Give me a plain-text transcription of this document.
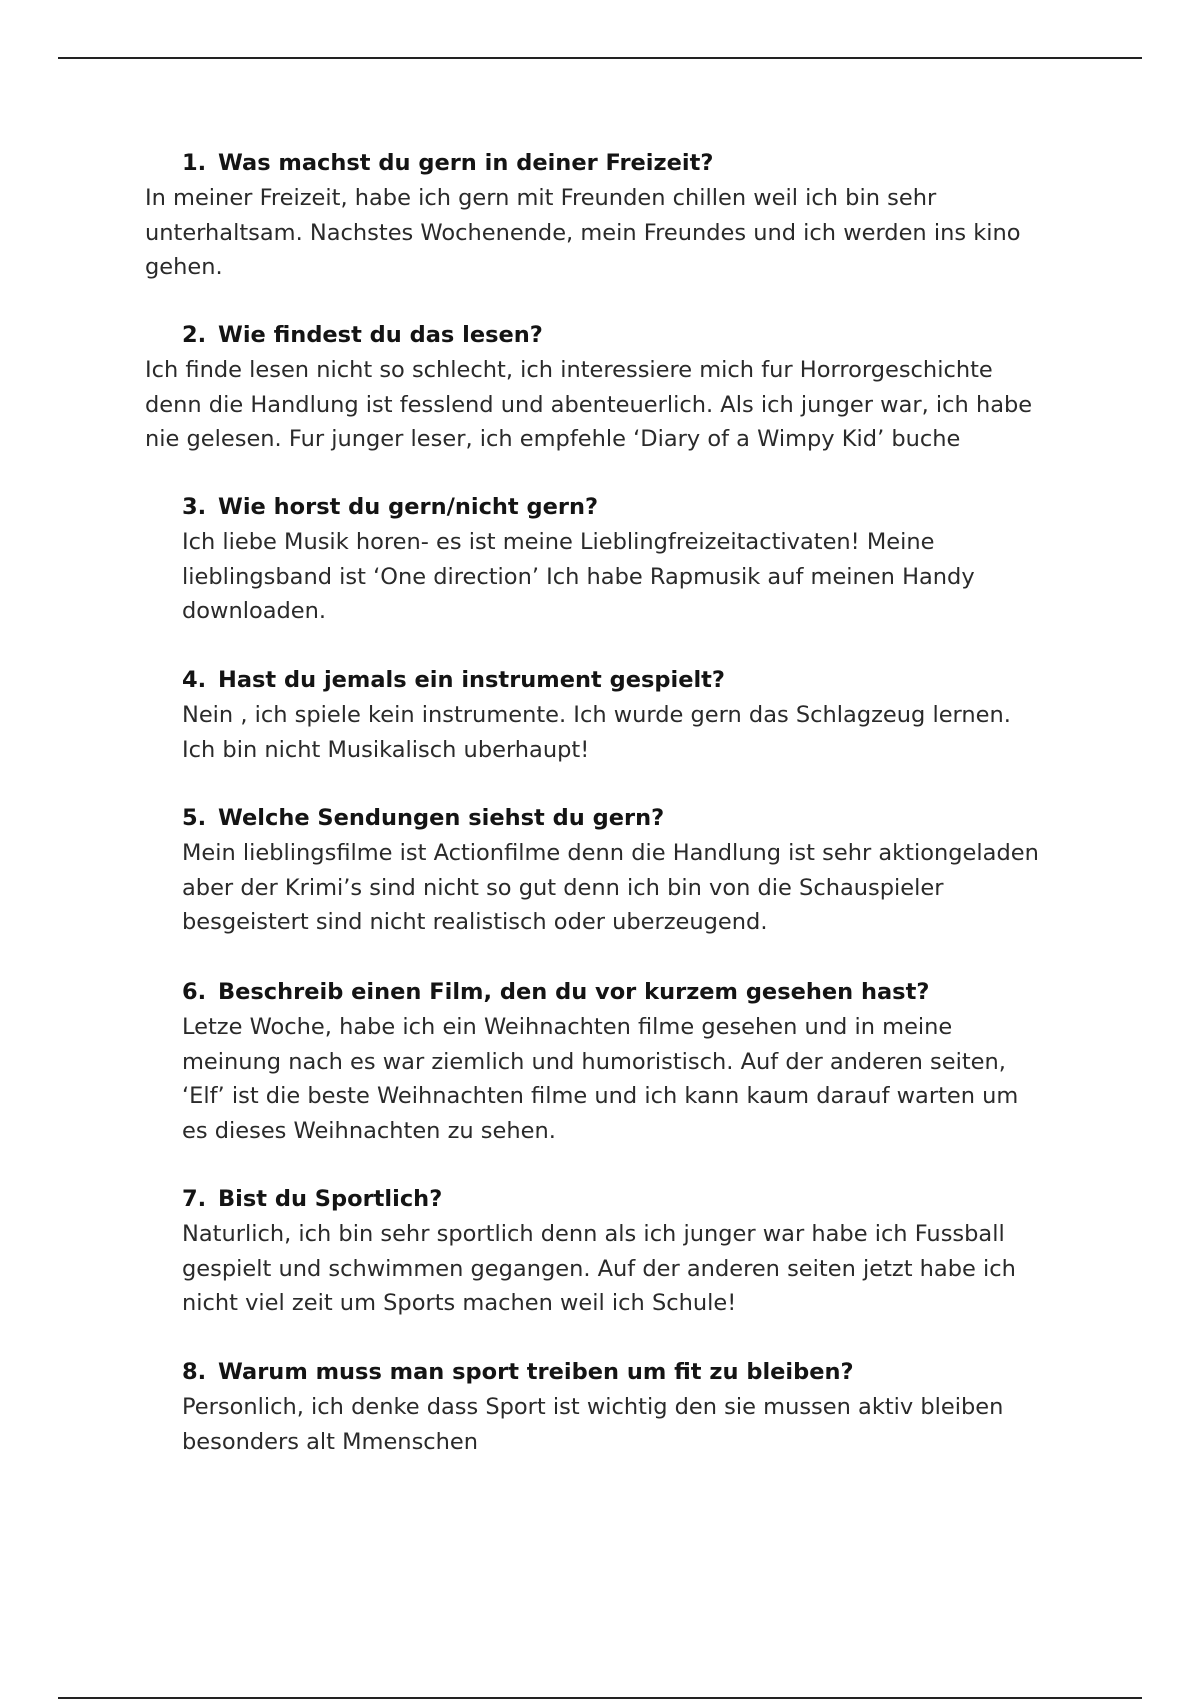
1. Was machst du gern in deiner Freizeit?
In meiner Freizeit, habe ich gern mit Freunden chillen weil ich bin sehr
unterhaltsam. Nachstes Wochenende, mein Freundes und ich werden ins kino
gehen.
2. Wie findest du das lesen?
Ich finde lesen nicht so schlecht, ich interessiere mich fur Horrorgeschichte
denn die Handlung ist fesslend und abenteuerlich. Als ich junger war, ich habe
nie gelesen. Fur junger leser, ich empfehle ‘Diary of a Wimpy Kid’ buche
3. Wie horst du gern/nicht gern?
Ich liebe Musik horen- es ist meine Lieblingfreizeitactivaten! Meine
lieblingsband ist ‘One direction’ Ich habe Rapmusik auf meinen Handy
downloaden.
4. Hast du jemals ein instrument gespielt?
Nein , ich spiele kein instrumente. Ich wurde gern das Schlagzeug lernen.
Ich bin nicht Musikalisch uberhaupt!
5. Welche Sendungen siehst du gern?
Mein lieblingsfilme ist Actionfilme denn die Handlung ist sehr aktiongeladen
aber der Krimi’s sind nicht so gut denn ich bin von die Schauspieler
besgeistert sind nicht realistisch oder uberzeugend.
6. Beschreib einen Film, den du vor kurzem gesehen hast?
Letze Woche, habe ich ein Weihnachten filme gesehen und in meine
meinung nach es war ziemlich und humoristisch. Auf der anderen seiten,
‘Elf’ ist die beste Weihnachten filme und ich kann kaum darauf warten um
es dieses Weihnachten zu sehen.
7. Bist du Sportlich?
Naturlich, ich bin sehr sportlich denn als ich junger war habe ich Fussball
gespielt und schwimmen gegangen. Auf der anderen seiten jetzt habe ich
nicht viel zeit um Sports machen weil ich Schule!
8. Warum muss man sport treiben um fit zu bleiben?
Personlich, ich denke dass Sport ist wichtig den sie mussen aktiv bleiben
besonders alt Mmenschen
